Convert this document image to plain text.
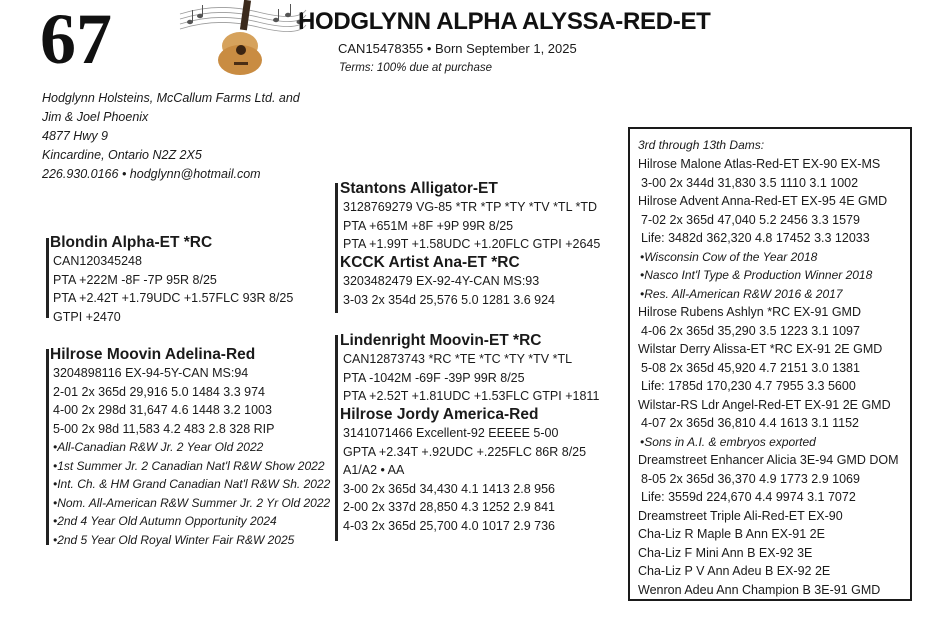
67	HODGLYNN ALPHA ALYSSA-RED-ET
CAN15478355 • Born September 1, 2025
Terms: 100% due at purchase
Hodglynn Holsteins, McCallum Farms Ltd. and
Jim & Joel Phoenix
4877 Hwy 9
Kincardine, Ontario N2Z 2X5
226.930.0166 • hodglynn@hotmail.com
Blondin Alpha-ET *RC
CAN120345248
PTA +222M -8F -7P 95R 8/25
PTA +2.42T +1.79UDC +1.57FLC 93R 8/25
GTPI +2470
Hilrose Moovin Adelina-Red
3204898116 EX-94-5Y-CAN MS:94
2-01 2x 365d 29,916 5.0 1484 3.3 974
4-00 2x 298d 31,647 4.6 1448 3.2 1003
5-00 2x 98d 11,583 4.2 483 2.8 328 RIP
•All-Canadian R&W Jr. 2 Year Old 2022
•1st Summer Jr. 2 Canadian Nat'l R&W Show 2022
•Int. Ch. & HM Grand Canadian Nat'l R&W Sh. 2022
•Nom. All-American R&W Summer Jr. 2 Yr Old 2022
•2nd 4 Year Old Autumn Opportunity 2024
•2nd 5 Year Old Royal Winter Fair R&W 2025
Stantons Alligator-ET
3128769279 VG-85 *TR *TP *TY *TV *TL *TD
PTA +651M +8F +9P 99R 8/25
PTA +1.99T +1.58UDC +1.20FLC GTPI +2645
KCCK Artist Ana-ET *RC
3203482479 EX-92-4Y-CAN MS:93
3-03 2x 354d 25,576 5.0 1281 3.6 924
Lindenright Moovin-ET *RC
CAN12873743 *RC *TE *TC *TY *TV *TL
PTA -1042M -69F -39P 99R 8/25
PTA +2.52T +1.81UDC +1.53FLC GTPI +1811
Hilrose Jordy America-Red
3141071466 Excellent-92 EEEEE 5-00
GPTA +2.34T +.92UDC +.225FLC 86R 8/25
A1/A2 • AA
3-00 2x 365d 34,430 4.1 1413 2.8 956
2-00 2x 337d 28,850 4.3 1252 2.9 841
4-03 2x 365d 25,700 4.0 1017 2.9 736
3rd through 13th Dams:
Hilrose Malone Atlas-Red-ET EX-90 EX-MS
3-00 2x 344d 31,830 3.5 1110 3.1 1002
Hilrose Advent Anna-Red-ET EX-95 4E GMD
7-02 2x 365d 47,040 5.2 2456 3.3 1579
Life: 3482d 362,320 4.8 17452 3.3 12033
•Wisconsin Cow of the Year 2018
•Nasco Int'l Type & Production Winner 2018
•Res. All-American R&W 2016 & 2017
Hilrose Rubens Ashlyn *RC EX-91 GMD
4-06 2x 365d 35,290 3.5 1223 3.1 1097
Wilstar Derry Alissa-ET *RC EX-91 2E GMD
5-08 2x 365d 45,920 4.7 2151 3.0 1381
Life: 1785d 170,230 4.7 7955 3.3 5600
Wilstar-RS Ldr Angel-Red-ET EX-91 2E GMD
4-07 2x 365d 36,810 4.4 1613 3.1 1152
•Sons in A.I. & embryos exported
Dreamstreet Enhancer Alicia 3E-94 GMD DOM
8-05 2x 365d 36,370 4.9 1773 2.9 1069
Life: 3559d 224,670 4.4 9974 3.1 7072
Dreamstreet Triple Ali-Red-ET EX-90
Cha-Liz R Maple B Ann EX-91 2E
Cha-Liz F Mini Ann B EX-92 3E
Cha-Liz P V Ann Adeu B EX-92 2E
Wenron Adeu Ann Champion B 3E-91 GMD
